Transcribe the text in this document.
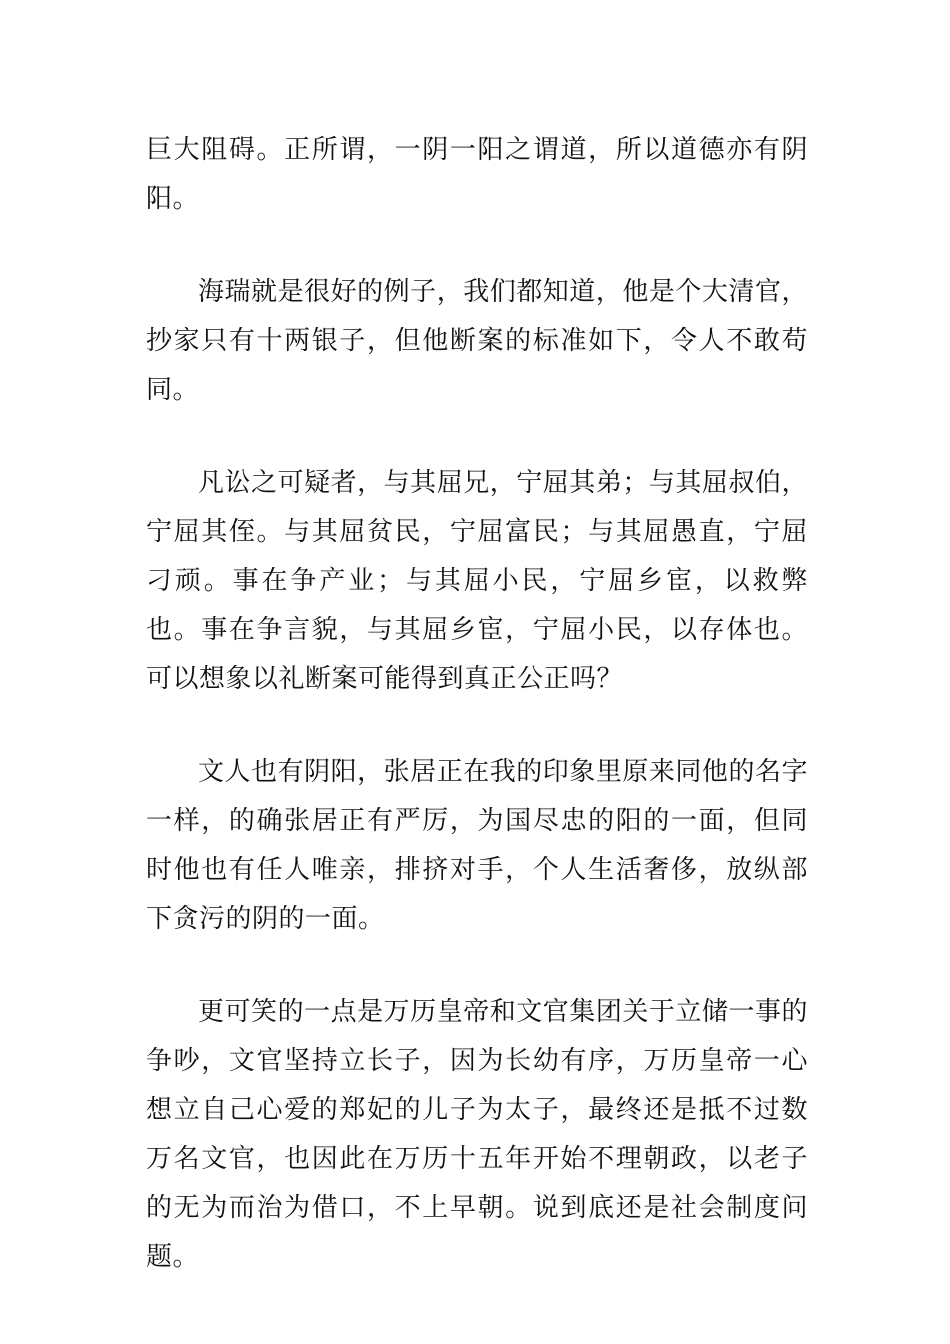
巨大阻碍。正所谓，一阴一阳之谓道，所以道德亦有阴阳。

海瑞就是很好的例子，我们都知道，他是个大清官，抄家只有十两银子，但他断案的标准如下，令人不敢苟同。

凡讼之可疑者，与其屈兄，宁屈其弟；与其屈叔伯，宁屈其侄。与其屈贫民，宁屈富民；与其屈愚直，宁屈刁顽。事在争产业；与其屈小民，宁屈乡宦，以救弊也。事在争言貌，与其屈乡宦，宁屈小民，以存体也。可以想象以礼断案可能得到真正公正吗？

文人也有阴阳，张居正在我的印象里原来同他的名字一样，的确张居正有严厉，为国尽忠的阳的一面，但同时他也有任人唯亲，排挤对手，个人生活奢侈，放纵部下贪污的阴的一面。

更可笑的一点是万历皇帝和文官集团关于立储一事的争吵，文官坚持立长子，因为长幼有序，万历皇帝一心想立自己心爱的郑妃的儿子为太子，最终还是抵不过数万名文官，也因此在万历十五年开始不理朝政，以老子的无为而治为借口，不上早朝。说到底还是社会制度问题。
